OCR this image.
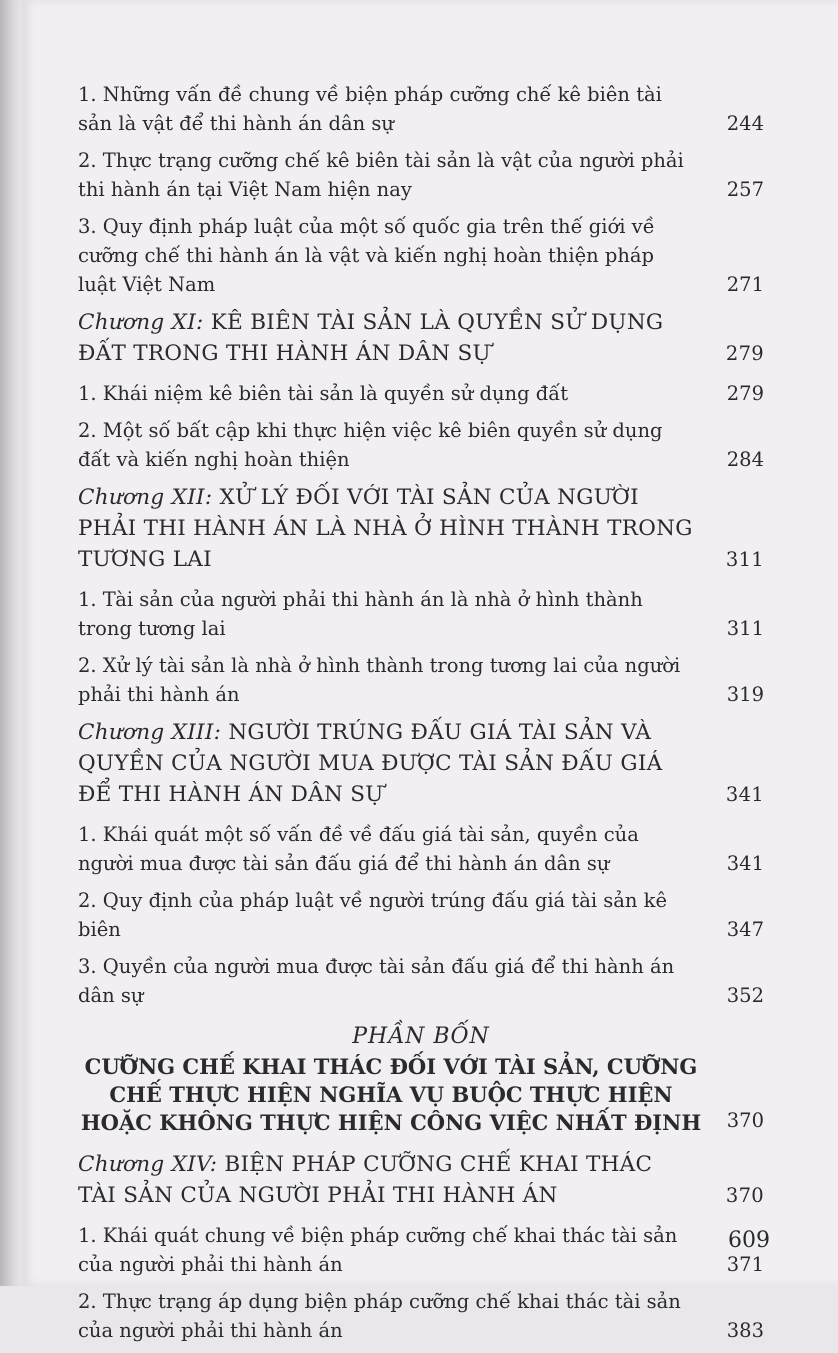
1. Những vấn đề chung về biện pháp cưỡng chế kê biên tài sản là vật để thi hành án dân sự	244
2. Thực trạng cưỡng chế kê biên tài sản là vật của người phải thi hành án tại Việt Nam hiện nay	257
3. Quy định pháp luật của một số quốc gia trên thế giới về cưỡng chế thi hành án là vật và kiến nghị hoàn thiện pháp luật Việt Nam	271
Chương XI: KÊ BIÊN TÀI SẢN LÀ QUYỀN SỬ DỤNG ĐẤT TRONG THI HÀNH ÁN DÂN SỰ	279
1. Khái niệm kê biên tài sản là quyền sử dụng đất	279
2. Một số bất cập khi thực hiện việc kê biên quyền sử dụng đất và kiến nghị hoàn thiện	284
Chương XII: XỬ LÝ ĐỐI VỚI TÀI SẢN CỦA NGƯỜI PHẢI THI HÀNH ÁN LÀ NHÀ Ở HÌNH THÀNH TRONG TƯƠNG LAI	311
1. Tài sản của người phải thi hành án là nhà ở hình thành trong tương lai	311
2. Xử lý tài sản là nhà ở hình thành trong tương lai của người phải thi hành án	319
Chương XIII: NGƯỜI TRÚNG ĐẤU GIÁ TÀI SẢN VÀ QUYỀN CỦA NGƯỜI MUA ĐƯỢC TÀI SẢN ĐẤU GIÁ ĐỂ THI HÀNH ÁN DÂN SỰ	341
1. Khái quát một số vấn đề về đấu giá tài sản, quyền của người mua được tài sản đấu giá để thi hành án dân sự	341
2. Quy định của pháp luật về người trúng đấu giá tài sản kê biên	347
3. Quyền của người mua được tài sản đấu giá để thi hành án dân sự	352
PHẦN BỐN
CƯỠNG CHẾ KHAI THÁC ĐỐI VỚI TÀI SẢN, CƯỠNG CHẾ THỰC HIỆN NGHĨA VỤ BUỘC THỰC HIỆN HOẶC KHÔNG THỰC HIỆN CÔNG VIỆC NHẤT ĐỊNH 370
Chương XIV: BIỆN PHÁP CƯỠNG CHẾ KHAI THÁC TÀI SẢN CỦA NGƯỜI PHẢI THI HÀNH ÁN	370
1. Khái quát chung về biện pháp cưỡng chế khai thác tài sản của người phải thi hành án	371
2. Thực trạng áp dụng biện pháp cưỡng chế khai thác tài sản của người phải thi hành án	383
609
